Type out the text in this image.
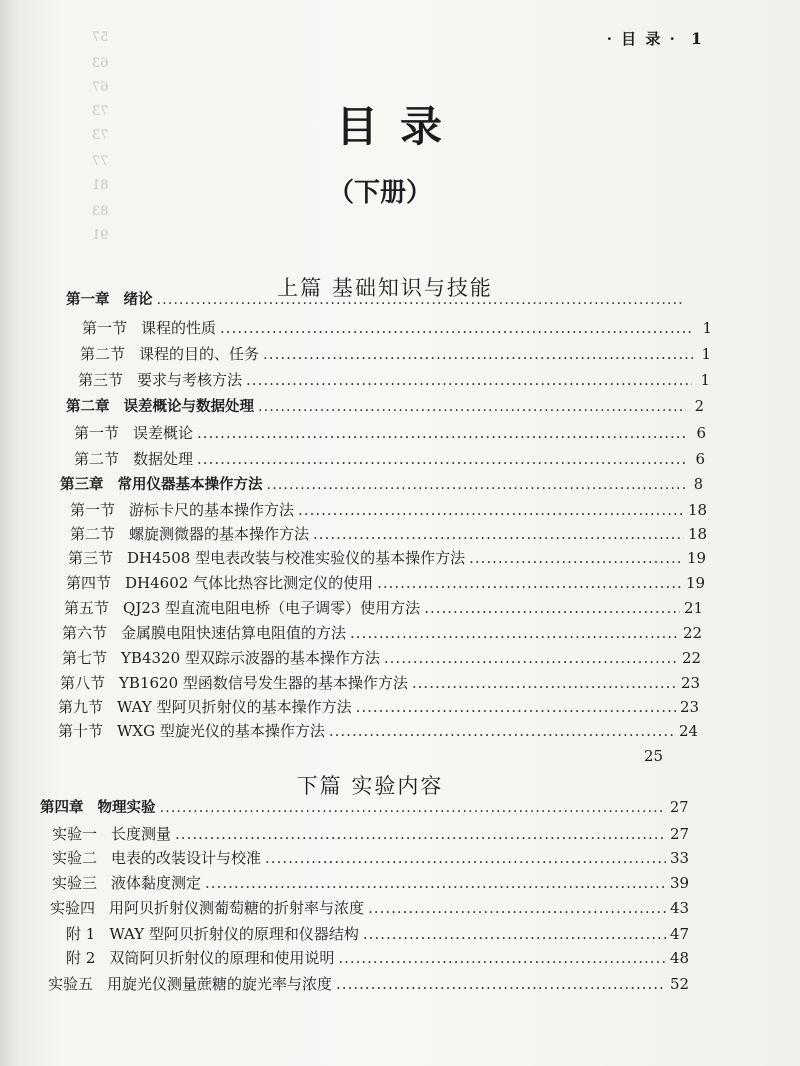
· 目 录 · 1
57
63
67
73
73
77
81
83
91
目录
（下册）
上篇 基础知识与技能
第一章 绪论
.....
第一节 课程的性质 .....	1
第二节 课程的目的、任务 .....	1
第三节 要求与考核方法 .....	1
第二章 误差概论与数据处理 .....	2
第一节 误差概论 .....	6
第二节 数据处理 .....	6
第三章 常用仪器基本操作方法 .....	8
第一节 游标卡尺的基本操作方法 .....	18
第二节 螺旋测微器的基本操作方法 .....	18
第三节 DH4508 型电表改装与校准实验仪的基本操作方法 .....	19
第四节 DH4602 气体比热容比测定仪的使用 .....	19
第五节 QJ23 型直流电阻电桥（电子调零）使用方法 .....	21
第六节 金属膜电阻快速估算电阻值的方法 .....	22
第七节 YB4320 型双踪示波器的基本操作方法 .....	22
第八节 YB1620 型函数信号发生器的基本操作方法 .....	23
第九节 WAY 型阿贝折射仪的基本操作方法 .....	23
第十节 WXG 型旋光仪的基本操作方法 .....	24
25
下篇 实验内容
第四章 物理实验 .....	27
实验一 长度测量 .....	27
实验二 电表的改装设计与校准 .....	33
实验三 液体黏度测定 .....	39
实验四 用阿贝折射仪测葡萄糖的折射率与浓度 .....	43
附 1 WAY 型阿贝折射仪的原理和仪器结构 .....	47
附 2 双筒阿贝折射仪的原理和使用说明 .....	48
实验五 用旋光仪测量蔗糖的旋光率与浓度 .....	52
